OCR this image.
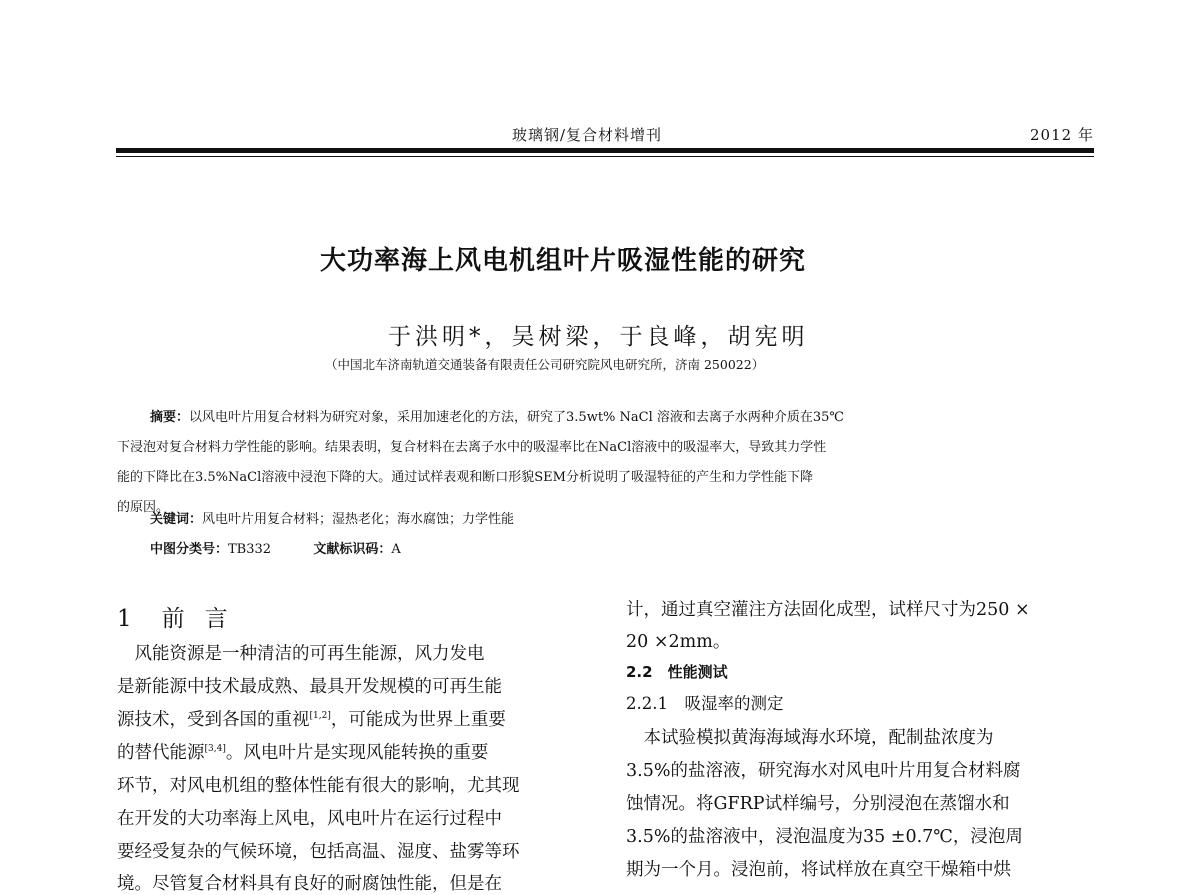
玻璃钢/复合材料增刊	2012 年
大功率海上风电机组叶片吸湿性能的研究
于洪明*，吴树梁，于良峰，胡宪明
（中国北车济南轨道交通装备有限责任公司研究院风电研究所，济南 250022）
摘要：以风电叶片用复合材料为研究对象，采用加速老化的方法，研究了3.5wt% NaCl 溶液和去离子水两种介质在35℃
下浸泡对复合材料力学性能的影响。结果表明，复合材料在去离子水中的吸湿率比在NaCl溶液中的吸湿率大，导致其力学性
能的下降比在3.5%NaCl溶液中浸泡下降的大。通过试样表观和断口形貌SEM分析说明了吸湿特征的产生和力学性能下降
的原因。
关键词：风电叶片用复合材料；湿热老化；海水腐蚀；力学性能
中图分类号：TB332	文献标识码：A
1 前言
　风能资源是一种清洁的可再生能源，风力发电
是新能源中技术最成熟、最具开发规模的可再生能
源技术，受到各国的重视[1,2]，可能成为世界上重要
的替代能源[3,4]。风电叶片是实现风能转换的重要
环节，对风电机组的整体性能有很大的影响，尤其现
在开发的大功率海上风电，风电叶片在运行过程中
要经受复杂的气候环境，包括高温、湿度、盐雾等环
境。尽管复合材料具有良好的耐腐蚀性能，但是在
计，通过真空灌注方法固化成型，试样尺寸为250 ×
20 ×2mm。
2.2　性能测试
2.2.1　吸湿率的测定
　本试验模拟黄海海域海水环境，配制盐浓度为
3.5%的盐溶液，研究海水对风电叶片用复合材料腐
蚀情况。将GFRP试样编号，分别浸泡在蒸馏水和
3.5%的盐溶液中，浸泡温度为35 ±0.7℃，浸泡周
期为一个月。浸泡前，将试样放在真空干燥箱中烘
